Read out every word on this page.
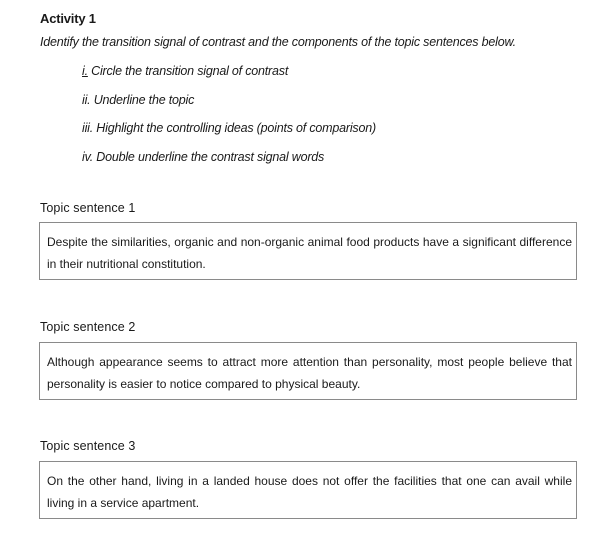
Activity 1
Identify the transition signal of contrast and the components of the topic sentences below.
i. Circle the transition signal of contrast
ii. Underline the topic
iii. Highlight the controlling ideas (points of comparison)
iv. Double underline the contrast signal words
Topic sentence 1
Despite the similarities, organic and non-organic animal food products have a significant difference in their nutritional constitution.
Topic sentence 2
Although appearance seems to attract more attention than personality, most people believe that personality is easier to notice compared to physical beauty.
Topic sentence 3
On the other hand, living in a landed house does not offer the facilities that one can avail while living in a service apartment.
